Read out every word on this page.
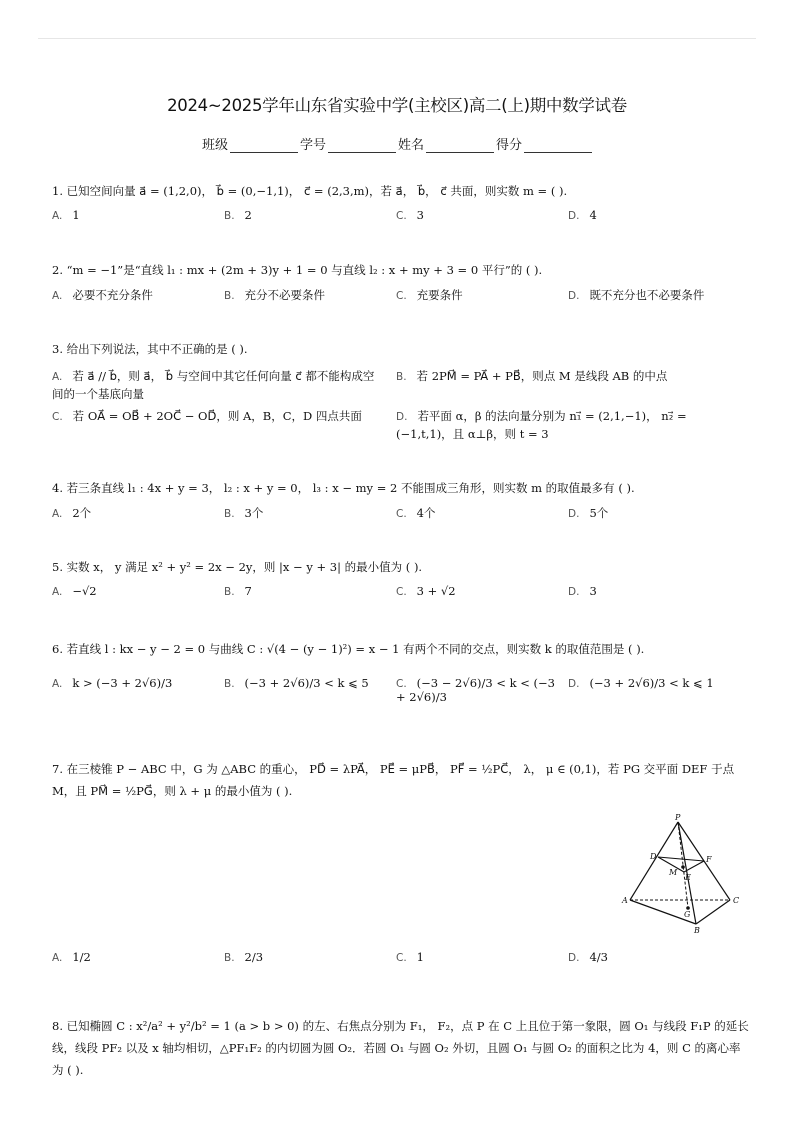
2024~2025学年山东省实验中学(主校区)高二(上)期中数学试卷
班级	学号	姓名	得分
1. 已知空间向量 a⃗ = (1,2,0)， b⃗ = (0,−1,1)， c⃗ = (2,3,m)，若 a⃗， b⃗， c⃗ 共面，则实数 m = ( ).
A. 1	B. 2	C. 3	D. 4
2. “m = −1”是“直线 l₁ : mx + (2m + 3)y + 1 = 0 与直线 l₂ : x + my + 3 = 0 平行”的 ( ).
A. 必要不充分条件	B. 充分不必要条件	C. 充要条件	D. 既不充分也不必要条件
3. 给出下列说法，其中不正确的是 ( ).
A. 若 a⃗ // b⃗，则 a⃗， b⃗ 与空间中其它任何向量 c⃗ 都不能构成空间的一个基底向量
B. 若 2PM⃗ = PA⃗ + PB⃗，则点 M 是线段 AB 的中点
C. 若 OA⃗ = OB⃗ + 2OC⃗ − OD⃗，则 A，B，C，D 四点共面	D. 若平面 α，β 的法向量分别为 n₁⃗ = (2,1,−1)， n₂⃗ = (−1,t,1)，且 α⊥β，则 t = 3
4. 若三条直线 l₁ : 4x + y = 3， l₂ : x + y = 0， l₃ : x − my = 2 不能围成三角形，则实数 m 的取值最多有 ( ).
A. 2个	B. 3个	C. 4个	D. 5个
5. 实数 x， y 满足 x² + y² = 2x − 2y，则 |x − y + 3| 的最小值为 ( ).
A. −√2	B. 7	C. 3 + √2	D. 3
6. 若直线 l : kx − y − 2 = 0 与曲线 C : √(4 − (y − 1)²) = x − 1 有两个不同的交点，则实数 k 的取值范围是 ( ).
A. k > (−3 + 2√6)/3	B. (−3 + 2√6)/3 < k ⩽ 5	C. (−3 − 2√6)/3 < k < (−3 + 2√6)/3
D. (−3 + 2√6)/3 < k ⩽ 1
7. 在三棱锥 P − ABC 中，G 为 △ABC 的重心， PD⃗ = λPA⃗， PE⃗ = μPB⃗， PF⃗ = ½PC⃗， λ， μ ∈ (0,1)，若 PG 交平面 DEF 于点 M，且 PM⃗ = ½PG⃗，则 λ + μ 的最小值为 ( ).
P
D	F
M
E
A	C
G
B
A. 1/2	B. 2/3	C. 1	D. 4/3
8. 已知椭圆 C : x²/a² + y²/b² = 1 (a > b > 0) 的左、右焦点分别为 F₁， F₂，点 P 在 C 上且位于第一象限，圆 O₁ 与线段 F₁P 的延长线，线段 PF₂ 以及 x 轴均相切，△PF₁F₂ 的内切圆为圆 O₂．若圆 O₁ 与圆 O₂ 外切，且圆 O₁ 与圆 O₂ 的面积之比为 4，则 C 的离心率为 ( ).
